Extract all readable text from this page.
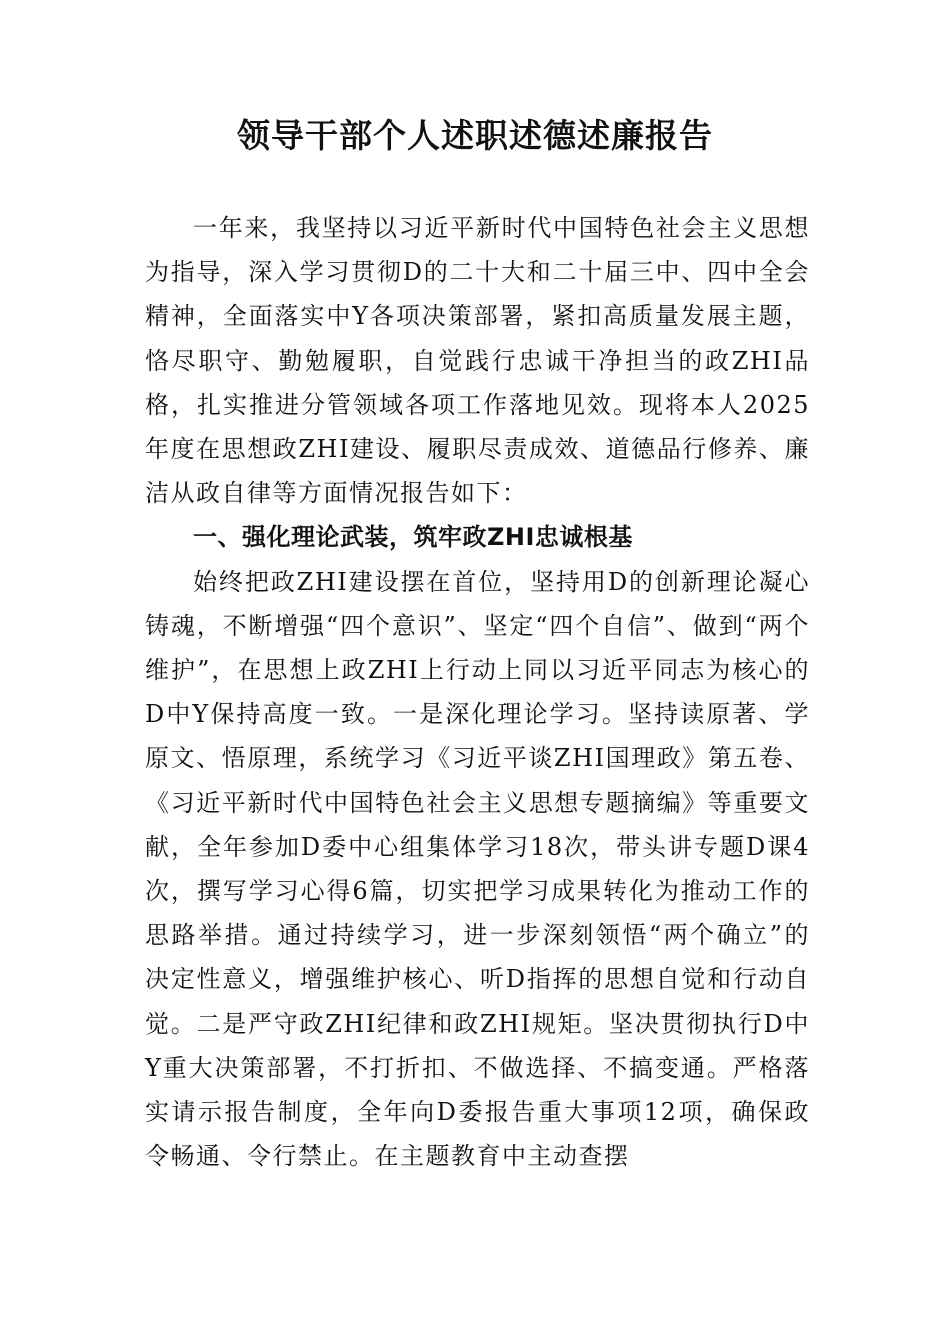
领导干部个人述职述德述廉报告

一年来，我坚持以习近平新时代中国特色社会主义思想为指导，深入学习贯彻D的二十大和二十届三中、四中全会精神，全面落实中Y各项决策部署，紧扣高质量发展主题，恪尽职守、勤勉履职，自觉践行忠诚干净担当的政ZHI品格，扎实推进分管领域各项工作落地见效。现将本人2025年度在思想政ZHI建设、履职尽责成效、道德品行修养、廉洁从政自律等方面情况报告如下：

一、强化理论武装，筑牢政ZHI忠诚根基

始终把政ZHI建设摆在首位，坚持用D的创新理论凝心铸魂，不断增强“四个意识”、坚定“四个自信”、做到“两个维护”，在思想上政ZHI上行动上同以习近平同志为核心的D中Y保持高度一致。一是深化理论学习。坚持读原著、学原文、悟原理，系统学习《习近平谈ZHI国理政》第五卷、《习近平新时代中国特色社会主义思想专题摘编》等重要文献，全年参加D委中心组集体学习18次，带头讲专题D课4次，撰写学习心得6篇，切实把学习成果转化为推动工作的思路举措。通过持续学习，进一步深刻领悟“两个确立”的决定性意义，增强维护核心、听D指挥的思想自觉和行动自觉。二是严守政ZHI纪律和政ZHI规矩。坚决贯彻执行D中Y重大决策部署，不打折扣、不做选择、不搞变通。严格落实请示报告制度，全年向D委报告重大事项12项，确保政令畅通、令行禁止。在主题教育中主动查摆
